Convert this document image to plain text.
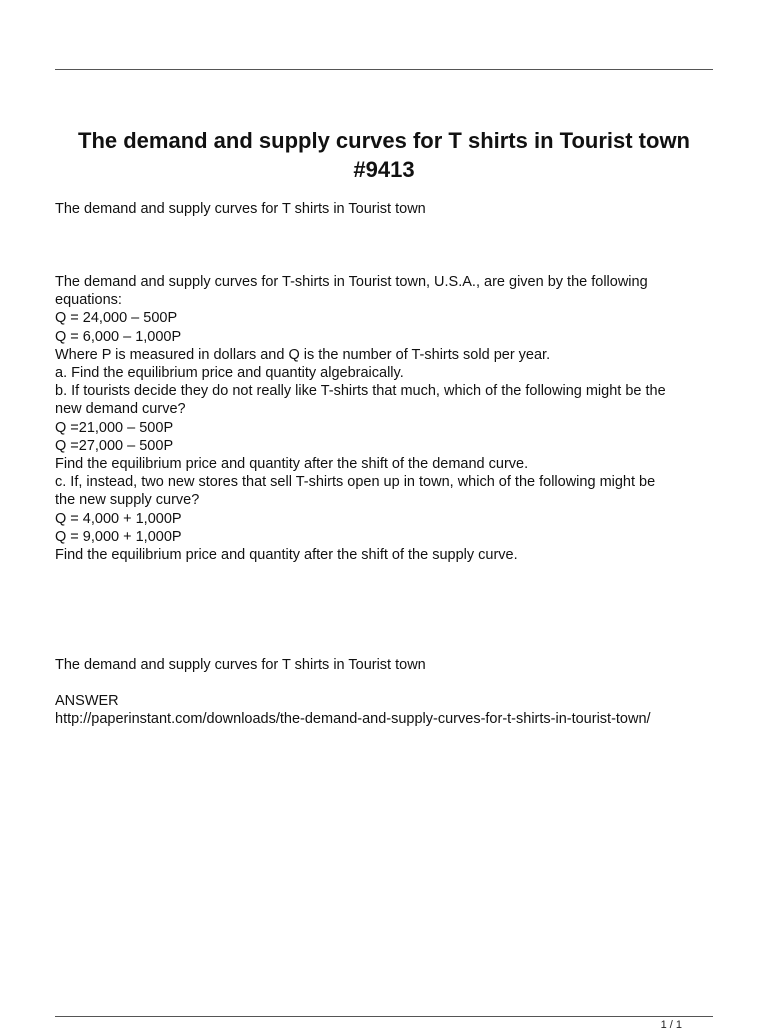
The demand and supply curves for T shirts in Tourist town #9413

The demand and supply curves for T shirts in Tourist town

The demand and supply curves for T-shirts in Tourist town, U.S.A., are given by the following
equations:
Q = 24,000 – 500P
Q = 6,000 – 1,000P
Where P is measured in dollars and Q is the number of T-shirts sold per year.
a. Find the equilibrium price and quantity algebraically.
b. If tourists decide they do not really like T-shirts that much, which of the following might be the
new demand curve?
Q =21,000 – 500P
Q =27,000 – 500P
Find the equilibrium price and quantity after the shift of the demand curve.
c. If, instead, two new stores that sell T-shirts open up in town, which of the following might be
the new supply curve?
Q = 4,000 + 1,000P
Q = 9,000 + 1,000P
Find the equilibrium price and quantity after the shift of the supply curve.

The demand and supply curves for T shirts in Tourist town

ANSWER

http://paperinstant.com/downloads/the-demand-and-supply-curves-for-t-shirts-in-tourist-town/
1 / 1
